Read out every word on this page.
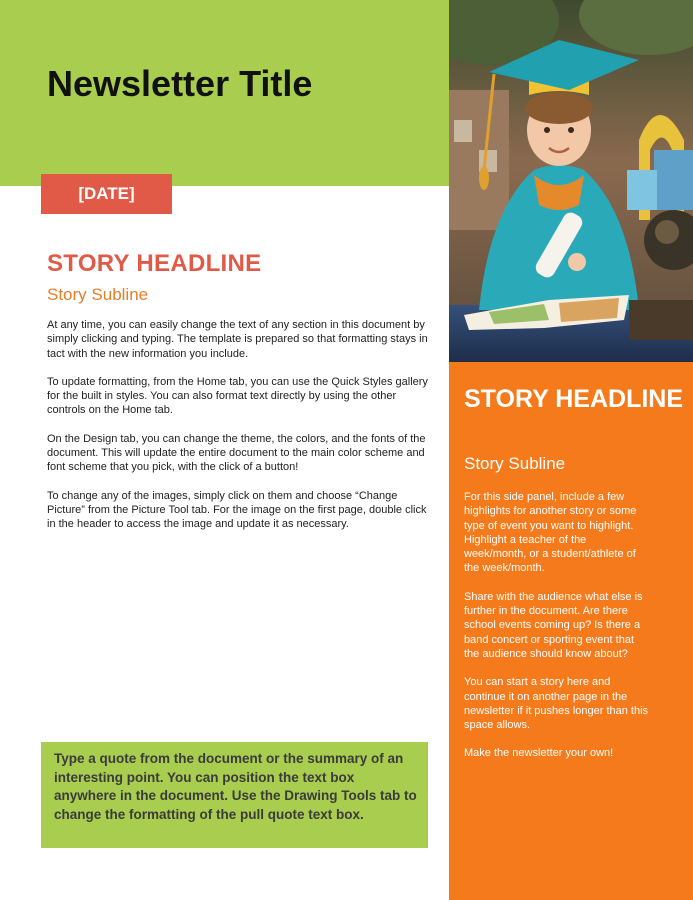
Newsletter Title
[DATE]
STORY HEADLINE
Story Subline

At any time, you can easily change the text of any section in this document by simply clicking and typing. The template is prepared so that formatting stays in tact with the new information you include.

To update formatting, from the Home tab, you can use the Quick Styles gallery for the built in styles. You can also format text directly by using the other controls on the Home tab.

On the Design tab, you can change the theme, the colors, and the fonts of the document. This will update the entire document to the main color scheme and font scheme that you pick, with the click of a button!

To change any of the images, simply click on them and choose “Change Picture” from the Picture Tool tab. For the image on the first page, double click in the header to access the image and update it as necessary.

Type a quote from the document or the summary of an interesting point. You can position the text box anywhere in the document. Use the Drawing Tools tab to change the formatting of the pull quote text box.
STORY HEADLINE
Story Subline

For this side panel, include a few highlights for another story or some type of event you want to highlight. Highlight a teacher of the week/month, or a student/athlete of the week/month.

Share with the audience what else is further in the document. Are there school events coming up? Is there a band concert or sporting event that the audience should know about?

You can start a story here and continue it on another page in the newsletter if it pushes longer than this space allows.

Make the newsletter your own!
